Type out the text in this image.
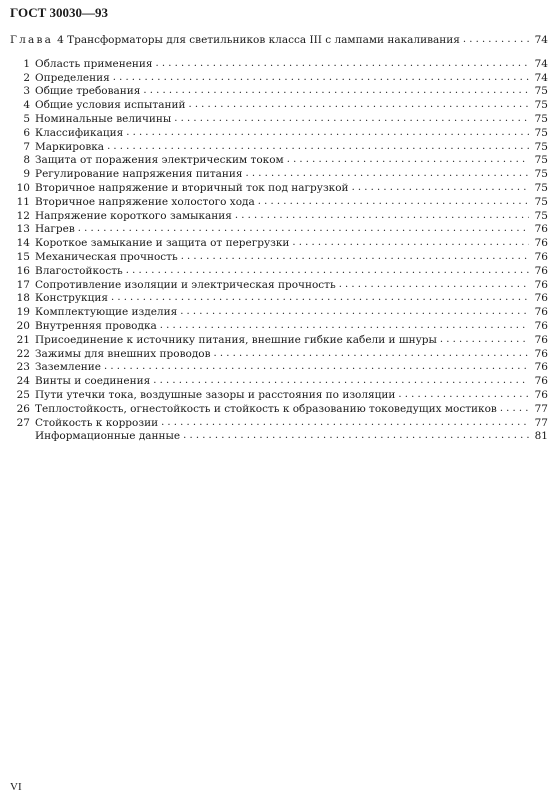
ГОСТ 30030—93
Глава 4 Трансформаторы для светильников класса III с лампами накаливания . . .	74
1 Область применения . . .	74
2 Определения . . .	74
3 Общие требования . . .	75
4 Общие условия испытаний . . .	75
5 Номинальные величины . . .	75
6 Классификация . . .	75
7 Маркировка . . .	75
8 Защита от поражения электрическим током . . .	75
9 Регулирование напряжения питания . . .	75
10 Вторичное напряжение и вторичный ток под нагрузкой . . .	75
11 Вторичное напряжение холостого хода . . .	75
12 Напряжение короткого замыкания . . .	75
13 Нагрев . . .	76
14 Короткое замыкание и защита от перегрузки . . .	76
15 Механическая прочность . . .	76
16 Влагостойкость . . .	76
17 Сопротивление изоляции и электрическая прочность . . .	76
18 Конструкция . . .	76
19 Комплектующие изделия . . .	76
20 Внутренняя проводка . . .	76
21 Присоединение к источнику питания, внешние гибкие кабели и шнуры . . .	76
22 Зажимы для внешних проводов . . .	76
23 Заземление . . .	76
24 Винты и соединения . . .	76
25 Пути утечки тока, воздушные зазоры и расстояния по изоляции . . .	76
26 Теплостойкость, огнестойкость и стойкость к образованию токоведущих мостиков . . .	77
27 Стойкость к коррозии . . .	77
Информационные данные . . .	81
VI
